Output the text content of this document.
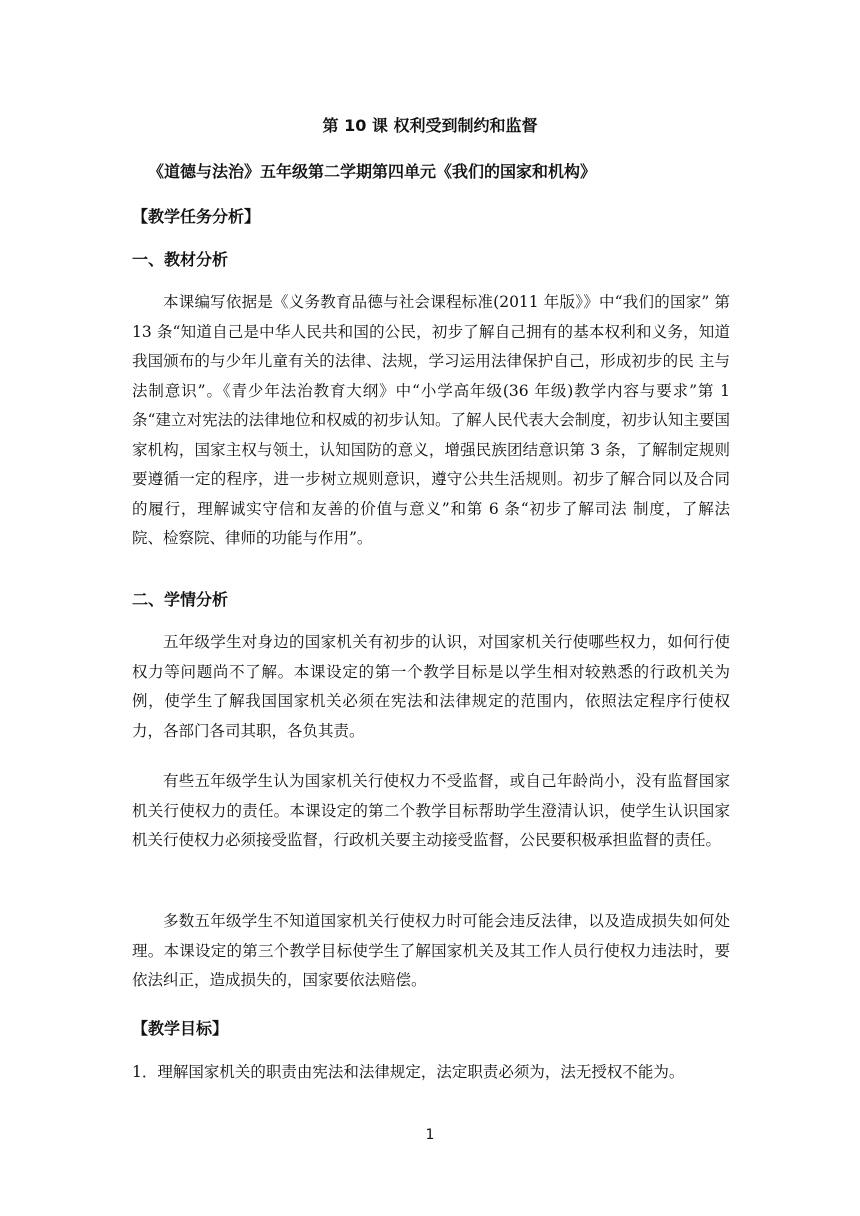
第 10 课 权利受到制约和监督
《道德与法治》五年级第二学期第四单元《我们的国家和机构》
【教学任务分析】
一、教材分析

本课编写依据是《义务教育品德与社会课程标准(2011 年版》》中“我们的国家” 第 13 条“知道自己是中华人民共和国的公民，初步了解自己拥有的基本权利和义务，知道我国颁布的与少年儿童有关的法律、法规，学习运用法律保护自己，形成初步的民 主与法制意识”。《青少年法治教育大纲》中“小学高年级(36 年级)教学内容与要求”第 1 条“建立对宪法的法律地位和权威的初步认知。了解人民代表大会制度，初步认知主要国家机构，国家主权与领土，认知国防的意义，增强民族团结意识第 3 条，了解制定规则要遵循一定的程序，进一步树立规则意识，遵守公共生活规则。初步了解合同以及合同的履行，理解诚实守信和友善的价值与意义”和第 6 条“初步了解司法 制度，了解法院、检察院、律师的功能与作用”。

二、学情分析

五年级学生对身边的国家机关有初步的认识，对国家机关行使哪些权力，如何行使权力等问题尚不了解。本课设定的第一个教学目标是以学生相对较熟悉的行政机关为例，使学生了解我国国家机关必须在宪法和法律规定的范围内，依照法定程序行使权 力，各部门各司其职，各负其责。

有些五年级学生认为国家机关行使权力不受监督，或自己年龄尚小，没有监督国家机关行使权力的责任。本课设定的第二个教学目标帮助学生澄清认识，使学生认识国家 机关行使权力必须接受监督，行政机关要主动接受监督，公民要积极承担监督的责任。

多数五年级学生不知道国家机关行使权力时可能会违反法律，以及造成损失如何处 理。本课设定的第三个教学目标使学生了解国家机关及其工作人员行使权力违法时，要依法纠正，造成损失的，国家要依法赔偿。

【教学目标】

1．理解国家机关的职责由宪法和法律规定，法定职责必须为，法无授权不能为。

1
